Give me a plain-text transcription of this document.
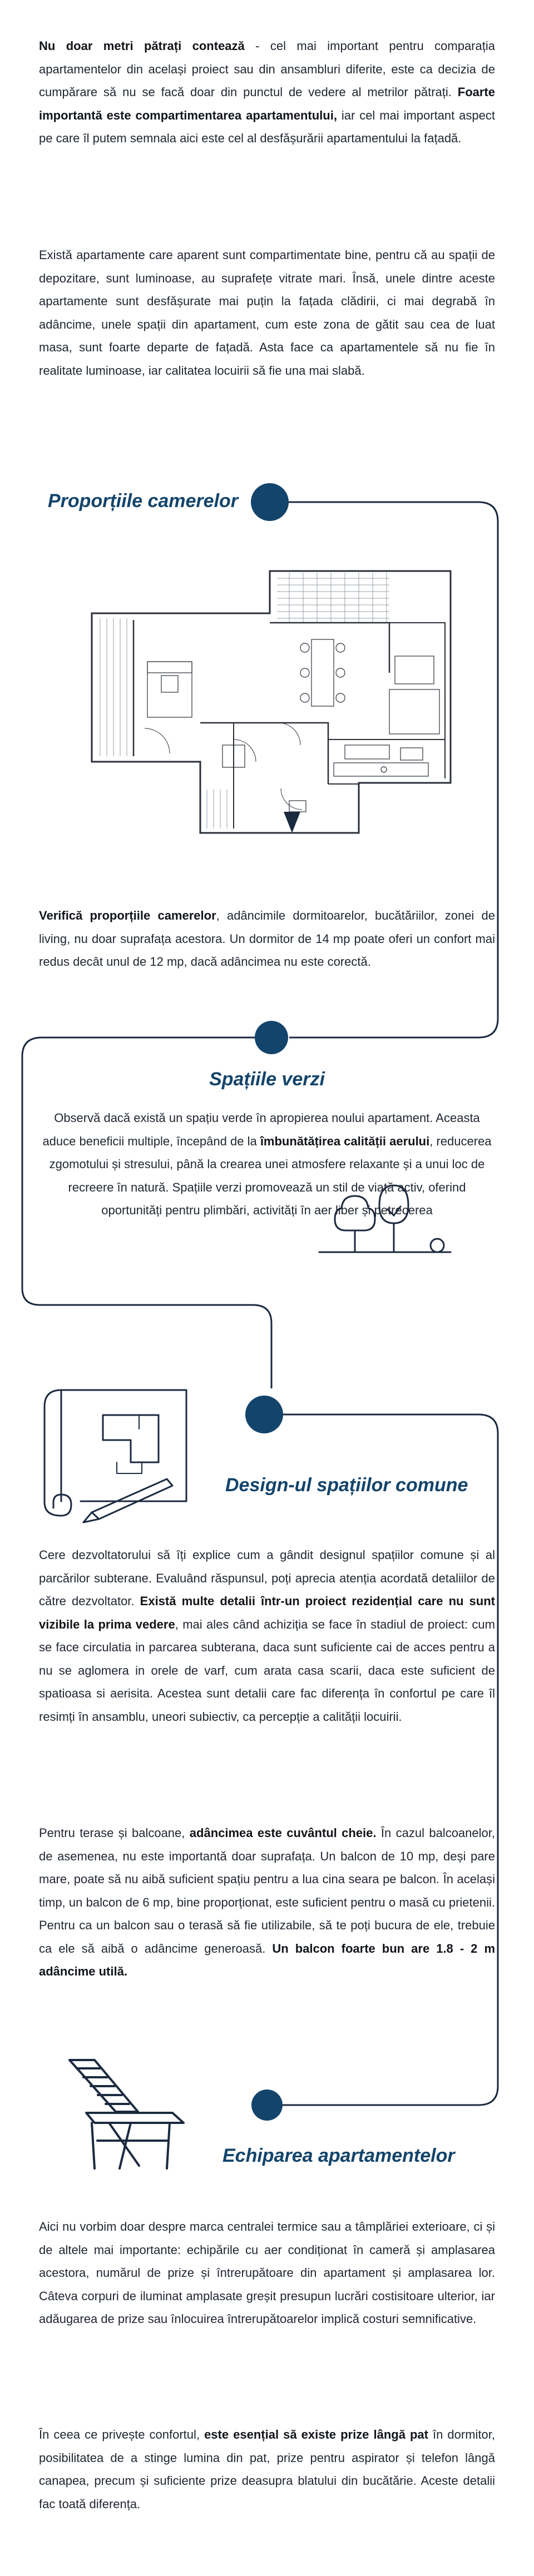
Nu doar metri pătrați contează - cel mai important pentru comparația apartamentelor din același proiect sau din ansambluri diferite, este ca decizia de cumpărare să nu se facă doar din punctul de vedere al metrilor pătrați. Foarte importantă este compartimentarea apartamentului, iar cel mai important aspect pe care îl putem semnala aici este cel al desfășurării apartamentului la fațadă.

Există apartamente care aparent sunt compartimentate bine, pentru că au spații de depozitare, sunt luminoase, au suprafețe vitrate mari. Însă, unele dintre aceste apartamente sunt desfășurate mai puțin la fațada clădirii, ci mai degrabă în adâncime, unele spații din apartament, cum este zona de gătit sau cea de luat masa, sunt foarte departe de fațadă. Asta face ca apartamentele să nu fie în realitate luminoase, iar calitatea locuirii să fie una mai slabă.

Proporțiile camerelor

Verifică proporțiile camerelor, adâncimile dormitoarelor, bucătăriilor, zonei de living, nu doar suprafața acestora. Un dormitor de 14 mp poate oferi un confort mai redus decât unul de 12 mp, dacă adâncimea nu este corectă.

Spațiile verzi

Observă dacă există un spațiu verde în apropierea noului apartament. Aceasta aduce beneficii multiple, începând de la îmbunătățirea calității aerului, reducerea zgomotului și stresului, până la crearea unei atmosfere relaxante și a unui loc de recreere în natură. Spațiile verzi promovează un stil de viață activ, oferind oportunități pentru plimbări, activități în aer liber și petrecerea

Design-ul spațiilor comune

Cere dezvoltatorului să îți explice cum a gândit designul spațiilor comune și al parcărilor subterane. Evaluând răspunsul, poți aprecia atenția acordată detaliilor de către dezvoltator. Există multe detalii într-un proiect rezidențial care nu sunt vizibile la prima vedere, mai ales când achiziția se face în stadiul de proiect: cum se face circulatia in parcarea subterana, daca sunt suficiente cai de acces pentru a nu se aglomera in orele de varf, cum arata casa scarii, daca este suficient de spatioasa si aerisita. Acestea sunt detalii care fac diferența în confortul pe care îl resimți în ansamblu, uneori subiectiv, ca percepție a calității locuirii.

Pentru terase și balcoane, adâncimea este cuvântul cheie. În cazul balcoanelor, de asemenea, nu este importantă doar suprafața. Un balcon de 10 mp, deși pare mare, poate să nu aibă suficient spațiu pentru a lua cina seara pe balcon. În același timp, un balcon de 6 mp, bine proporționat, este suficient pentru o masă cu prietenii. Pentru ca un balcon sau o terasă să fie utilizabile, să te poți bucura de ele, trebuie ca ele să aibă o adâncime generoasă. Un balcon foarte bun are 1.8 - 2 m adâncime utilă.

Echiparea apartamentelor

Aici nu vorbim doar despre marca centralei termice sau a tâmplăriei exterioare, ci și de altele mai importante: echipările cu aer condiționat în cameră și amplasarea acestora, numărul de prize și întrerupătoare din apartament și amplasarea lor. Câteva corpuri de iluminat amplasate greșit presupun lucrări costisitoare ulterior, iar adăugarea de prize sau înlocuirea întrerupătoarelor implică costuri semnificative.

În ceea ce privește confortul, este esențial să existe prize lângă pat în dormitor, posibilitatea de a stinge lumina din pat, prize pentru aspirator și telefon lângă canapea, precum și suficiente prize deasupra blatului din bucătărie. Aceste detalii fac toată diferența.
